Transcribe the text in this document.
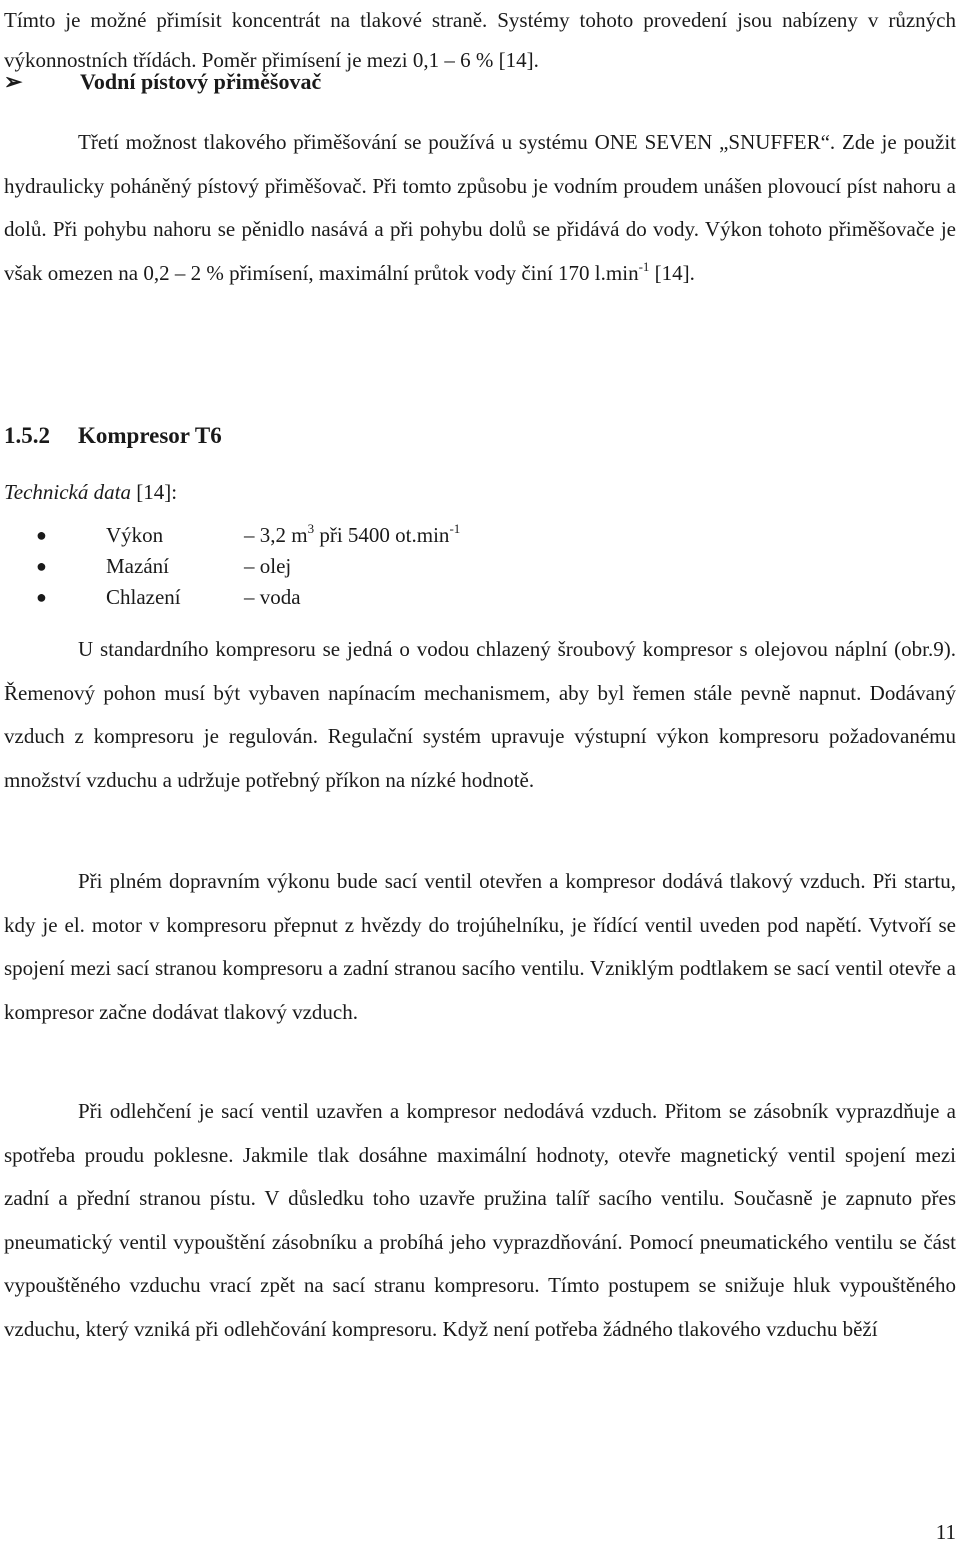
Tímto je možné přimísit koncentrát na tlakové straně. Systémy tohoto provedení jsou nabízeny v různých výkonnostních třídách. Poměr přimísení je mezi 0,1 – 6 % [14].

➢	Vodní pístový přiměšovač

Třetí možnost tlakového přiměšování se používá u systému ONE SEVEN „SNUFFER“. Zde je použit hydraulicky poháněný pístový přiměšovač. Při tomto způsobu je vodním proudem unášen plovoucí píst nahoru a dolů. Při pohybu nahoru se pěnidlo nasává a při pohybu dolů se přidává do vody. Výkon tohoto přiměšovače je však omezen na 0,2 – 2 % přimísení, maximální průtok vody činí 170 $l.\min^{-1}$ [14].

1.5.2 Kompresor T6
Technická data [14]:
●	Výkon	– 3,2 $m^3$ při 5400 $ot.\min^{-1}$
●	Mazání	– olej
●	Chlazení	– voda

U standardního kompresoru se jedná o vodou chlazený šroubový kompresor s olejovou náplní (obr.9). Řemenový pohon musí být vybaven napínacím mechanismem, aby byl řemen stále pevně napnut. Dodávaný vzduch z kompresoru je regulován. Regulační systém upravuje výstupní výkon kompresoru požadovanému množství vzduchu a udržuje potřebný příkon na nízké hodnotě.

Při plném dopravním výkonu bude sací ventil otevřen a kompresor dodává tlakový vzduch. Při startu, kdy je el. motor v kompresoru přepnut z hvězdy do trojúhelníku, je řídící ventil uveden pod napětí. Vytvoří se spojení mezi sací stranou kompresoru a zadní stranou sacího ventilu. Vzniklým podtlakem se sací ventil otevře a kompresor začne dodávat tlakový vzduch.

Při odlehčení je sací ventil uzavřen a kompresor nedodává vzduch. Přitom se zásobník vyprazdňuje a spotřeba proudu poklesne. Jakmile tlak dosáhne maximální hodnoty, otevře magnetický ventil spojení mezi zadní a přední stranou pístu. V důsledku toho uzavře pružina talíř sacího ventilu. Současně je zapnuto přes pneumatický ventil vypouštění zásobníku a probíhá jeho vyprazdňování. Pomocí pneumatického ventilu se část vypouštěného vzduchu vrací zpět na sací stranu kompresoru. Tímto postupem se snižuje hluk vypouštěného vzduchu, který vzniká při odlehčování kompresoru. Když není potřeba žádného tlakového vzduchu běží

11
